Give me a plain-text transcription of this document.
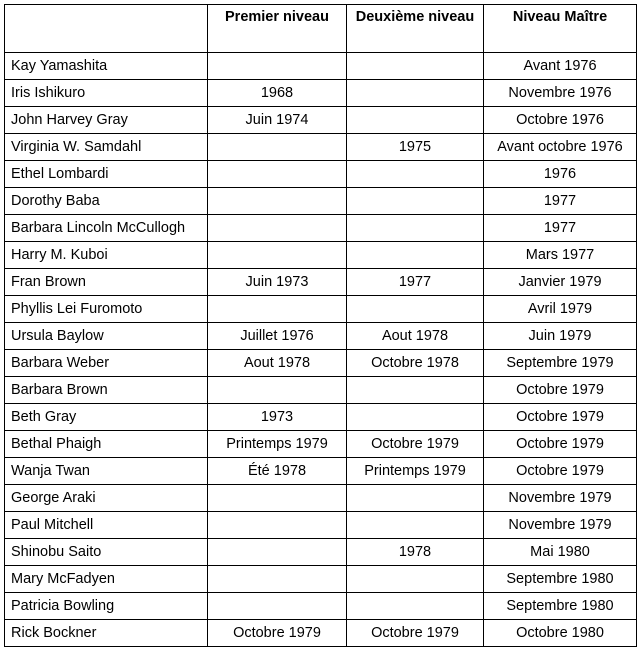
	Premier niveau	Deuxième niveau	Niveau Maître
Kay Yamashita			Avant 1976
Iris Ishikuro	1968		Novembre 1976
John Harvey Gray	Juin 1974		Octobre 1976
Virginia W. Samdahl		1975	Avant octobre 1976
Ethel Lombardi			1976
Dorothy Baba			1977
Barbara Lincoln McCullogh			1977
Harry M. Kuboi			Mars 1977
Fran Brown	Juin 1973	1977	Janvier 1979
Phyllis Lei Furomoto			Avril 1979
Ursula Baylow	Juillet 1976	Aout 1978	Juin 1979
Barbara Weber	Aout 1978	Octobre 1978	Septembre 1979
Barbara Brown			Octobre 1979
Beth Gray	1973		Octobre 1979
Bethal Phaigh	Printemps 1979	Octobre 1979	Octobre 1979
Wanja Twan	Été 1978	Printemps 1979	Octobre 1979
George Araki			Novembre 1979
Paul Mitchell			Novembre 1979
Shinobu Saito		1978	Mai 1980
Mary McFadyen			Septembre 1980
Patricia Bowling			Septembre 1980
Rick Bockner	Octobre 1979	Octobre 1979	Octobre 1980
